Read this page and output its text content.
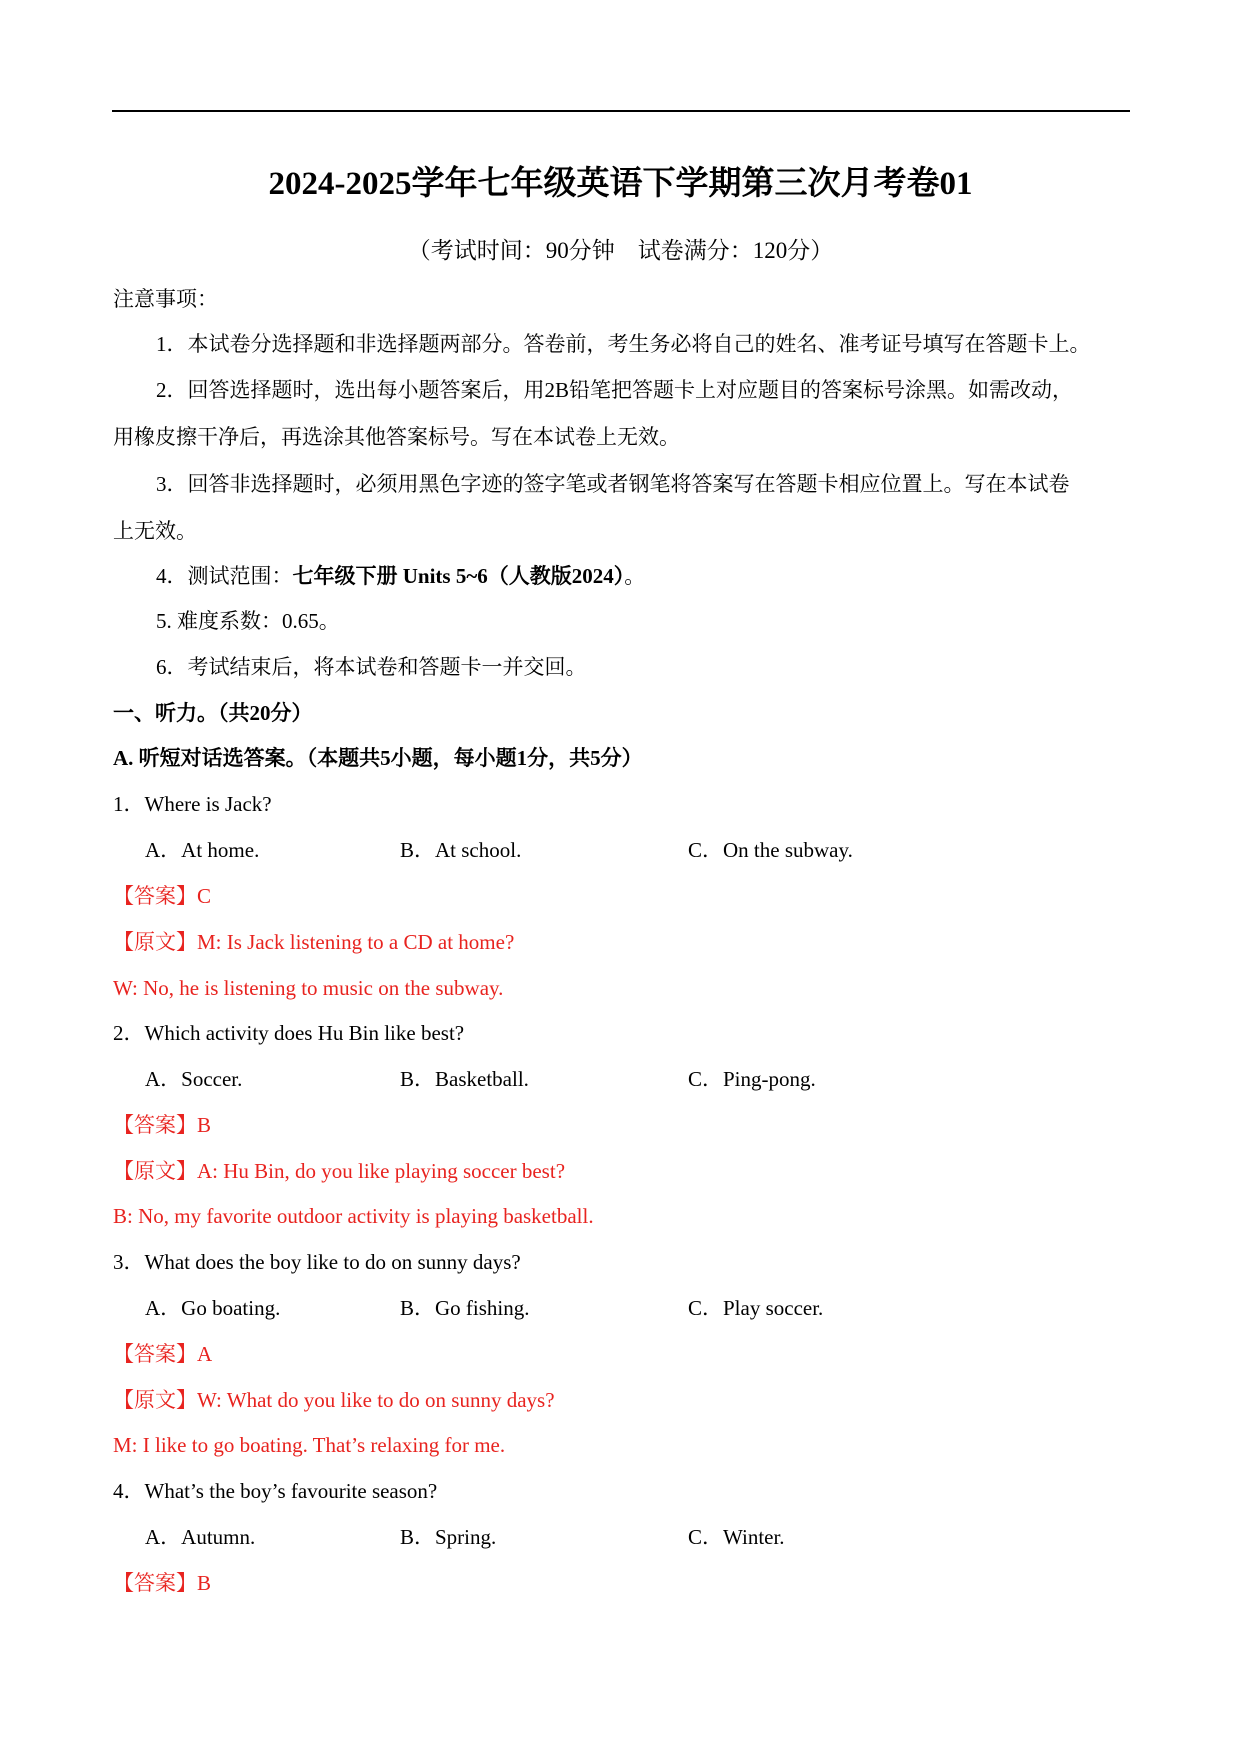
2024-2025学年七年级英语下学期第三次月考卷01
（考试时间：90分钟　试卷满分：120分）
注意事项：
1．本试卷分选择题和非选择题两部分。答卷前，考生务必将自己的姓名、准考证号填写在答题卡上。
2．回答选择题时，选出每小题答案后，用2B铅笔把答题卡上对应题目的答案标号涂黑。如需改动，
用橡皮擦干净后，再选涂其他答案标号。写在本试卷上无效。
3．回答非选择题时，必须用黑色字迹的签字笔或者钢笔将答案写在答题卡相应位置上。写在本试卷
上无效。
4．测试范围：七年级下册 Units 5~6（人教版2024）。
5. 难度系数：0.65。
6．考试结束后，将本试卷和答题卡一并交回。
一、听力。（共20分）
A. 听短对话选答案。（本题共5小题，每小题1分，共5分）
1．Where is Jack?
A．At home.	B．At school.	C．On the subway.
【答案】C
【原文】M: Is Jack listening to a CD at home?
W: No, he is listening to music on the subway.
2．Which activity does Hu Bin like best?
A．Soccer.	B．Basketball.	C．Ping-pong.
【答案】B
【原文】A: Hu Bin, do you like playing soccer best?
B: No, my favorite outdoor activity is playing basketball.
3．What does the boy like to do on sunny days?
A．Go boating.	B．Go fishing.	C．Play soccer.
【答案】A
【原文】W: What do you like to do on sunny days?
M: I like to go boating. That’s relaxing for me.
4．What’s the boy’s favourite season?
A．Autumn.	B．Spring.	C．Winter.
【答案】B
